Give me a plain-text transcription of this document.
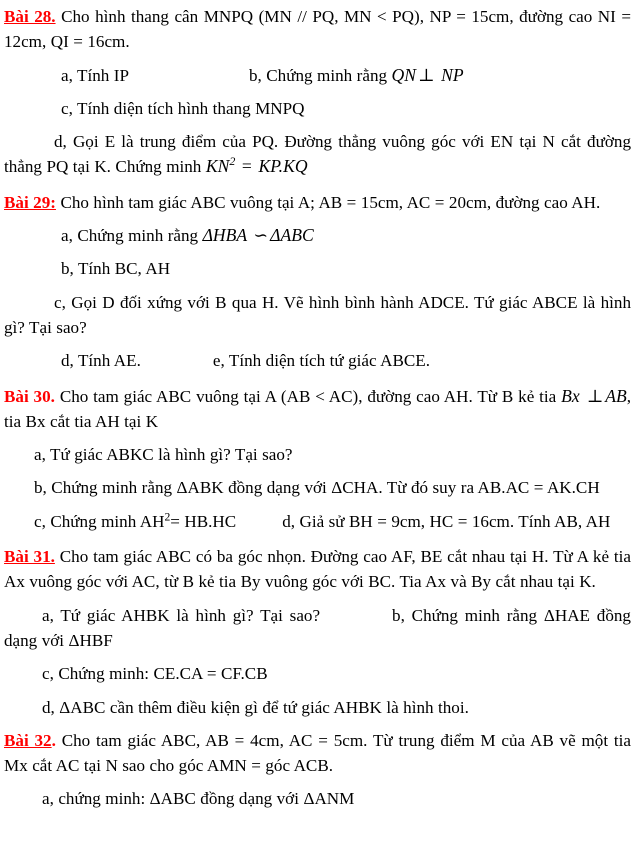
Bài 28. Cho hình thang cân MNPQ (MN // PQ, MN < PQ), NP = 15cm, đường cao NI = 12cm, QI = 16cm.

a, Tính IP	b, Chứng minh rằng QN ⊥ NP

c, Tính diện tích hình thang MNPQ

d, Gọi E là trung điểm của PQ. Đường thẳng vuông góc với EN tại N cắt đường thẳng PQ tại K. Chứng minh $KN^2 = KP.KQ$

Bài 29: Cho hình tam giác ABC vuông tại A; AB = 15cm, AC = 20cm, đường cao AH.

a, Chứng minh rằng ΔHBA ∽ ΔABC

b, Tính BC, AH

c, Gọi D đối xứng với B qua H. Vẽ hình bình hành ADCE. Tứ giác ABCE là hình gì? Tại sao?

d, Tính AE.	e, Tính diện tích tứ giác ABCE.

Bài 30. Cho tam giác ABC vuông tại A (AB < AC), đường cao AH. Từ B kẻ tia Bx ⊥ AB, tia Bx cắt tia AH tại K

a, Tứ giác ABKC là hình gì? Tại sao?

b, Chứng minh rằng ΔABK đồng dạng với ΔCHA. Từ đó suy ra AB.AC = AK.CH

c, Chứng minh $AH^2= HB.HC$	d, Giả sử BH = 9cm, HC = 16cm. Tính AB, AH

Bài 31. Cho tam giác ABC có ba góc nhọn. Đường cao AF, BE cắt nhau tại H. Từ A kẻ tia Ax vuông góc với AC, từ B kẻ tia By vuông góc với BC. Tia Ax và By cắt nhau tại K.

a, Tứ giác AHBK là hình gì? Tại sao?	b, Chứng minh rằng ΔHAE đồng dạng với ΔHBF

c, Chứng minh: CE.CA = CF.CB

d, ΔABC cần thêm điều kiện gì để tứ giác AHBK là hình thoi.

Bài 32. Cho tam giác ABC, AB = 4cm, AC = 5cm. Từ trung điểm M của AB vẽ một tia Mx cắt AC tại N sao cho góc AMN = góc ACB.

a, chứng minh: ΔABC đồng dạng với ΔANM
